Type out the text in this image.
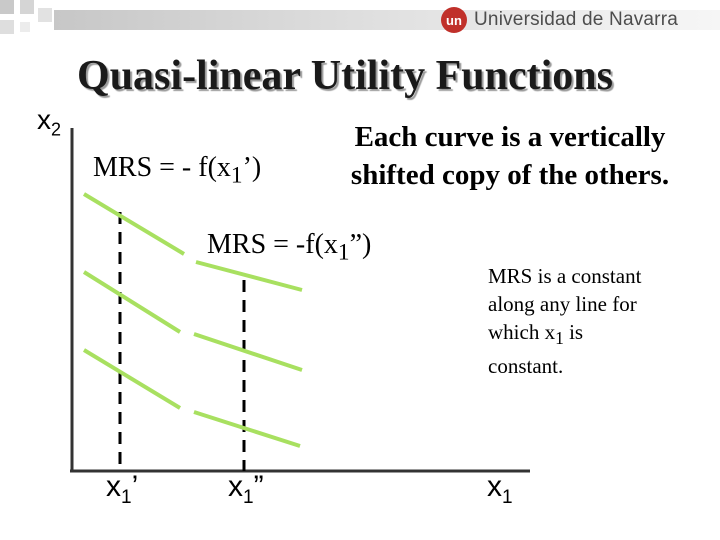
un Universidad de Navarra
Quasi-linear Utility Functions
$x_2$	Each curve is a vertically shifted copy of the others.
MRS = - $f(x_1’)$
MRS = $-f(x_1”)$
MRS is a constant
along any line for
which $x_1$ is
constant.
$x_1$’	$x_1$”	$x_1$
